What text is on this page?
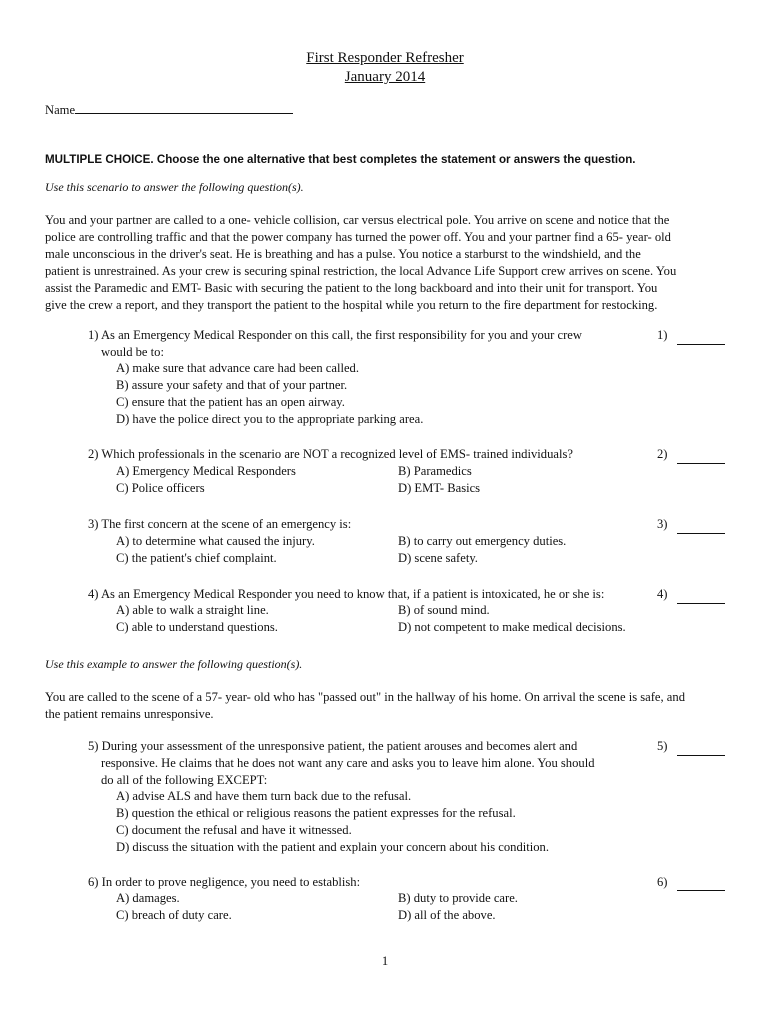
First Responder Refresher
January 2014
Name
MULTIPLE CHOICE. Choose the one alternative that best completes the statement or answers the question.
Use this scenario to answer the following question(s).
You and your partner are called to a one- vehicle collision, car versus electrical pole. You arrive on scene and notice that the
police are controlling traffic and that the power company has turned the power off. You and your partner find a 65- year- old
male unconscious in the driver's seat. He is breathing and has a pulse. You notice a starburst to the windshield, and the
patient is unrestrained. As your crew is securing spinal restriction, the local Advance Life Support crew arrives on scene. You
assist the Paramedic and EMT- Basic with securing the patient to the long backboard and into their unit for transport. You
give the crew a report, and they transport the patient to the hospital while you return to the fire department for restocking.
1) As an Emergency Medical Responder on this call, the first responsibility for you and your crew
would be to:
1)
A) make sure that advance care had been called.
B) assure your safety and that of your partner.
C) ensure that the patient has an open airway.
D) have the police direct you to the appropriate parking area.
2) Which professionals in the scenario are NOT a recognized level of EMS- trained individuals?	2)
A) Emergency Medical Responders	B) Paramedics
C) Police officers	D) EMT- Basics
3) The first concern at the scene of an emergency is:	3)
A) to determine what caused the injury.	B) to carry out emergency duties.
C) the patient's chief complaint.	D) scene safety.
4) As an Emergency Medical Responder you need to know that, if a patient is intoxicated, he or she is:	4)
A) able to walk a straight line.	B) of sound mind.
C) able to understand questions.	D) not competent to make medical decisions.
Use this example to answer the following question(s).
You are called to the scene of a 57- year- old who has "passed out" in the hallway of his home. On arrival the scene is safe, and
the patient remains unresponsive.
5) During your assessment of the unresponsive patient, the patient arouses and becomes alert and
responsive. He claims that he does not want any care and asks you to leave him alone. You should
do all of the following EXCEPT:
5)
A) advise ALS and have them turn back due to the refusal.
B) question the ethical or religious reasons the patient expresses for the refusal.
C) document the refusal and have it witnessed.
D) discuss the situation with the patient and explain your concern about his condition.
6) In order to prove negligence, you need to establish:	6)
A) damages.	B) duty to provide care.
C) breach of duty care.	D) all of the above.
1
